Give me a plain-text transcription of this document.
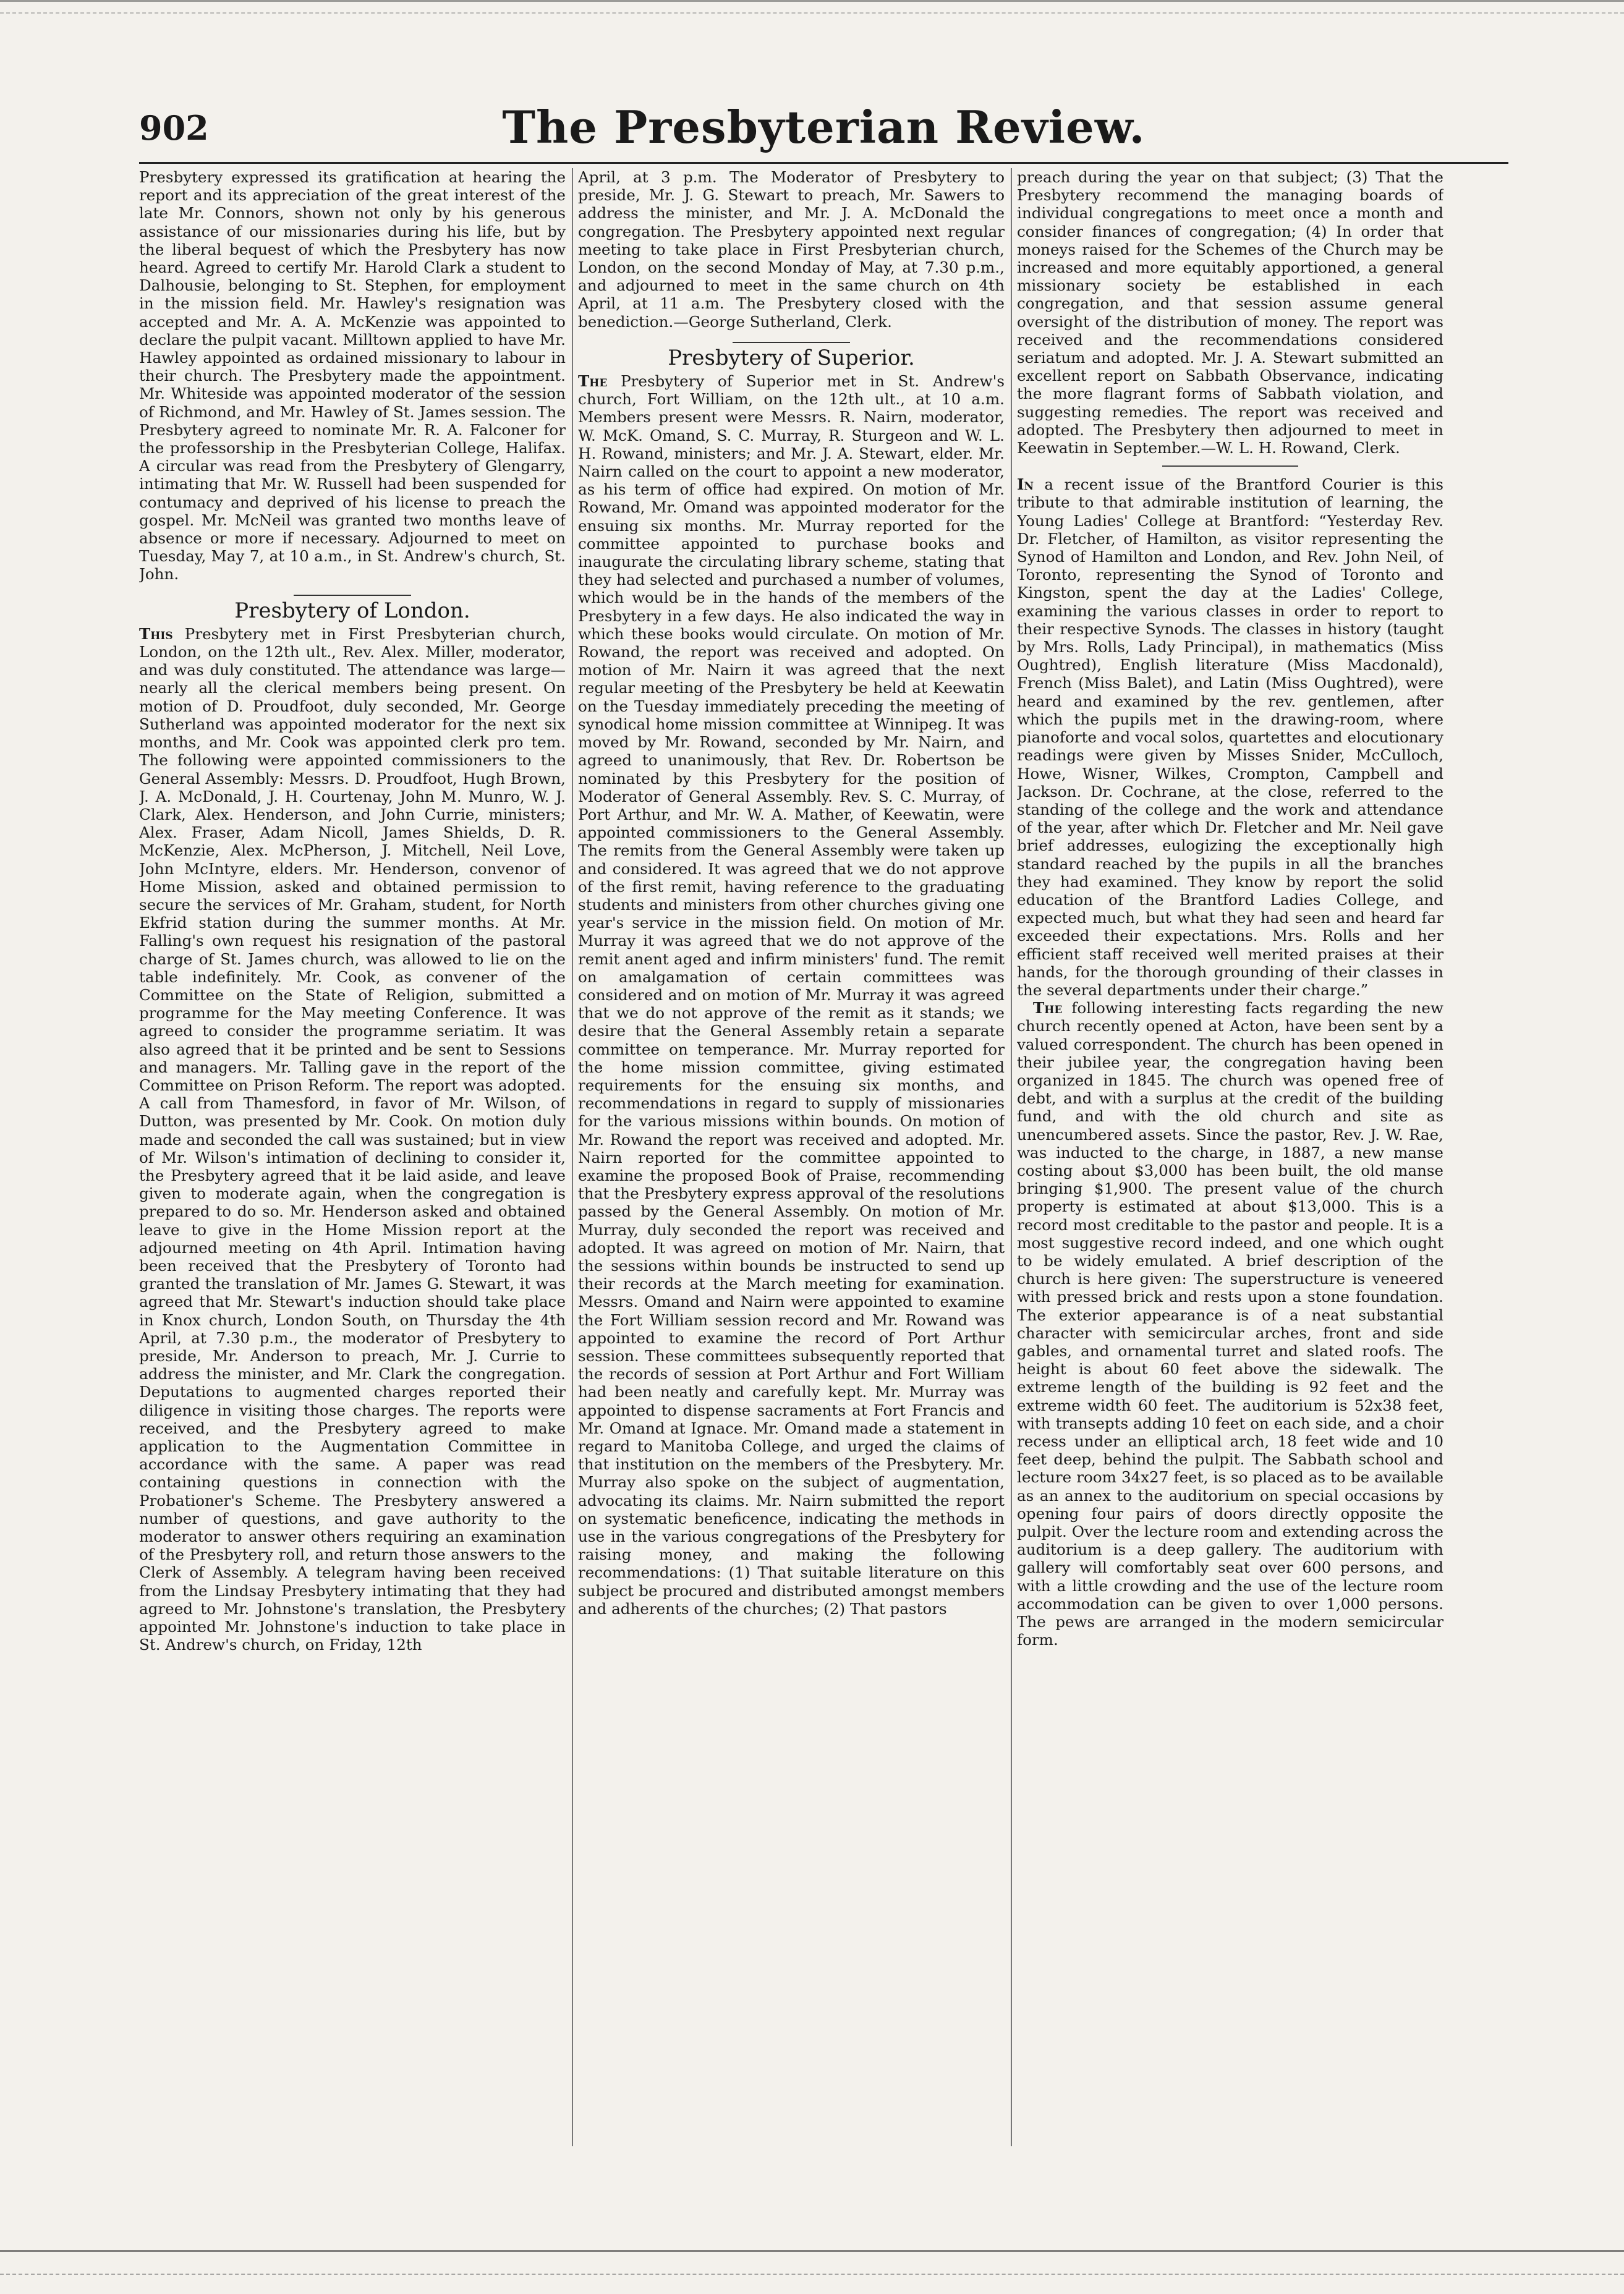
902	The Presbyterian Review.

Presbytery expressed its gratification at hearing the report and its appreciation of the great interest of the late Mr. Connors, shown not only by his generous assistance of our missionaries during his life, but by the liberal bequest of which the Presbytery has now heard. Agreed to certify Mr. Harold Clark a student to Dalhousie, belonging to St. Stephen, for employment in the mission field. Mr. Hawley's resignation was accepted and Mr. A. A. McKenzie was appointed to declare the pulpit vacant. Milltown applied to have Mr. Hawley appointed as ordained missionary to labour in their church. The Presbytery made the appointment. Mr. Whiteside was appointed moderator of the session of Richmond, and Mr. Hawley of St. James session. The Presbytery agreed to nominate Mr. R. A. Falconer for the professorship in the Presbyterian College, Halifax. A circular was read from the Presbytery of Glengarry, intimating that Mr. W. Russell had been suspended for contumacy and deprived of his license to preach the gospel. Mr. McNeil was granted two months leave of absence or more if necessary. Adjourned to meet on Tuesday, May 7, at 10 a.m., in St. Andrew's church, St. John.

Presbytery of London.

This Presbytery met in First Presbyterian church, London, on the 12th ult., Rev. Alex. Miller, moderator, and was duly constituted. The attendance was large—nearly all the clerical members being present. On motion of D. Proudfoot, duly seconded, Mr. George Sutherland was appointed moderator for the next six months, and Mr. Cook was appointed clerk pro tem. The following were appointed commissioners to the General Assembly: Messrs. D. Proudfoot, Hugh Brown, J. A. McDonald, J. H. Courtenay, John M. Munro, W. J. Clark, Alex. Henderson, and John Currie, ministers; Alex. Fraser, Adam Nicoll, James Shields, D. R. McKenzie, Alex. McPherson, J. Mitchell, Neil Love, John McIntyre, elders. Mr. Henderson, convenor of Home Mission, asked and obtained permission to secure the services of Mr. Graham, student, for North Ekfrid station during the summer months. At Mr. Falling's own request his resignation of the pastoral charge of St. James church, was allowed to lie on the table indefinitely. Mr. Cook, as convener of the Committee on the State of Religion, submitted a programme for the May meeting Conference. It was agreed to consider the programme seriatim. It was also agreed that it be printed and be sent to Sessions and managers. Mr. Talling gave in the report of the Committee on Prison Reform. The report was adopted. A call from Thamesford, in favor of Mr. Wilson, of Dutton, was presented by Mr. Cook. On motion duly made and seconded the call was sustained; but in view of Mr. Wilson's intimation of declining to consider it, the Presbytery agreed that it be laid aside, and leave given to moderate again, when the congregation is prepared to do so. Mr. Henderson asked and obtained leave to give in the Home Mission report at the adjourned meeting on 4th April. Intimation having been received that the Presbytery of Toronto had granted the translation of Mr. James G. Stewart, it was agreed that Mr. Stewart's induction should take place in Knox church, London South, on Thursday the 4th April, at 7.30 p.m., the moderator of Presbytery to preside, Mr. Anderson to preach, Mr. J. Currie to address the minister, and Mr. Clark the congregation. Deputations to augmented charges reported their diligence in visiting those charges. The reports were received, and the Presbytery agreed to make application to the Augmentation Committee in accordance with the same. A paper was read containing questions in connection with the Probationer's Scheme. The Presbytery answered a number of questions, and gave authority to the moderator to answer others requiring an examination of the Presbytery roll, and return those answers to the Clerk of Assembly. A telegram having been received from the Lindsay Presbytery intimating that they had agreed to Mr. Johnstone's translation, the Presbytery appointed Mr. Johnstone's induction to take place in St. Andrew's church, on Friday, 12th

April, at 3 p.m. The Moderator of Presbytery to preside, Mr. J. G. Stewart to preach, Mr. Sawers to address the minister, and Mr. J. A. McDonald the congregation. The Presbytery appointed next regular meeting to take place in First Presbyterian church, London, on the second Monday of May, at 7.30 p.m., and adjourned to meet in the same church on 4th April, at 11 a.m. The Presbytery closed with the benediction.—George Sutherland, Clerk.

Presbytery of Superior.

The Presbytery of Superior met in St. Andrew's church, Fort William, on the 12th ult., at 10 a.m. Members present were Messrs. R. Nairn, moderator, W. McK. Omand, S. C. Murray, R. Sturgeon and W. L. H. Rowand, ministers; and Mr. J. A. Stewart, elder. Mr. Nairn called on the court to appoint a new moderator, as his term of office had expired. On motion of Mr. Rowand, Mr. Omand was appointed moderator for the ensuing six months. Mr. Murray reported for the committee appointed to purchase books and inaugurate the circulating library scheme, stating that they had selected and purchased a number of volumes, which would be in the hands of the members of the Presbytery in a few days. He also indicated the way in which these books would circulate. On motion of Mr. Rowand, the report was received and adopted. On motion of Mr. Nairn it was agreed that the next regular meeting of the Presbytery be held at Keewatin on the Tuesday immediately preceding the meeting of synodical home mission committee at Winnipeg. It was moved by Mr. Rowand, seconded by Mr. Nairn, and agreed to unanimously, that Rev. Dr. Robertson be nominated by this Presbytery for the position of Moderator of General Assembly. Rev. S. C. Murray, of Port Arthur, and Mr. W. A. Mather, of Keewatin, were appointed commissioners to the General Assembly. The remits from the General Assembly were taken up and considered. It was agreed that we do not approve of the first remit, having reference to the graduating students and ministers from other churches giving one year's service in the mission field. On motion of Mr. Murray it was agreed that we do not approve of the remit anent aged and infirm ministers' fund. The remit on amalgamation of certain committees was considered and on motion of Mr. Murray it was agreed that we do not approve of the remit as it stands; we desire that the General Assembly retain a separate committee on temperance. Mr. Murray reported for the home mission committee, giving estimated requirements for the ensuing six months, and recommendations in regard to supply of missionaries for the various missions within bounds. On motion of Mr. Rowand the report was received and adopted. Mr. Nairn reported for the committee appointed to examine the proposed Book of Praise, recommending that the Presbytery express approval of the resolutions passed by the General Assembly. On motion of Mr. Murray, duly seconded the report was received and adopted. It was agreed on motion of Mr. Nairn, that the sessions within bounds be instructed to send up their records at the March meeting for examination. Messrs. Omand and Nairn were appointed to examine the Fort William session record and Mr. Rowand was appointed to examine the record of Port Arthur session. These committees subsequently reported that the records of session at Port Arthur and Fort William had been neatly and carefully kept. Mr. Murray was appointed to dispense sacraments at Fort Francis and Mr. Omand at Ignace. Mr. Omand made a statement in regard to Manitoba College, and urged the claims of that institution on the members of the Presbytery. Mr. Murray also spoke on the subject of augmentation, advocating its claims. Mr. Nairn submitted the report on systematic beneficence, indicating the methods in use in the various congregations of the Presbytery for raising money, and making the following recommendations: (1) That suitable literature on this subject be procured and distributed amongst members and adherents of the churches; (2) That pastors

preach during the year on that subject; (3) That the Presbytery recommend the managing boards of individual congregations to meet once a month and consider finances of congregation; (4) In order that moneys raised for the Schemes of the Church may be increased and more equitably apportioned, a general missionary society be established in each congregation, and that session assume general oversight of the distribution of money. The report was received and the recommendations considered seriatum and adopted. Mr. J. A. Stewart submitted an excellent report on Sabbath Observance, indicating the more flagrant forms of Sabbath violation, and suggesting remedies. The report was received and adopted. The Presbytery then adjourned to meet in Keewatin in September.—W. L. H. Rowand, Clerk.

In a recent issue of the Brantford Courier is this tribute to that admirable institution of learning, the Young Ladies' College at Brantford: “Yesterday Rev. Dr. Fletcher, of Hamilton, as visitor representing the Synod of Hamilton and London, and Rev. John Neil, of Toronto, representing the Synod of Toronto and Kingston, spent the day at the Ladies' College, examining the various classes in order to report to their respective Synods. The classes in history (taught by Mrs. Rolls, Lady Principal), in mathematics (Miss Oughtred), English literature (Miss Macdonald), French (Miss Balet), and Latin (Miss Oughtred), were heard and examined by the rev. gentlemen, after which the pupils met in the drawing-room, where pianoforte and vocal solos, quartettes and elocutionary readings were given by Misses Snider, McCulloch, Howe, Wisner, Wilkes, Crompton, Campbell and Jackson. Dr. Cochrane, at the close, referred to the standing of the college and the work and attendance of the year, after which Dr. Fletcher and Mr. Neil gave brief addresses, eulogizing the exceptionally high standard reached by the pupils in all the branches they had examined. They know by report the solid education of the Brantford Ladies College, and expected much, but what they had seen and heard far exceeded their expectations. Mrs. Rolls and her efficient staff received well merited praises at their hands, for the thorough grounding of their classes in the several departments under their charge.”

The following interesting facts regarding the new church recently opened at Acton, have been sent by a valued correspondent. The church has been opened in their jubilee year, the congregation having been organized in 1845. The church was opened free of debt, and with a surplus at the credit of the building fund, and with the old church and site as unencumbered assets. Since the pastor, Rev. J. W. Rae, was inducted to the charge, in 1887, a new manse costing about $3,000 has been built, the old manse bringing $1,900. The present value of the church property is estimated at about $13,000. This is a record most creditable to the pastor and people. It is a most suggestive record indeed, and one which ought to be widely emulated. A brief description of the church is here given: The superstructure is veneered with pressed brick and rests upon a stone foundation. The exterior appearance is of a neat substantial character with semicircular arches, front and side gables, and ornamental turret and slated roofs. The height is about 60 feet above the sidewalk. The extreme length of the building is 92 feet and the extreme width 60 feet. The auditorium is 52x38 feet, with transepts adding 10 feet on each side, and a choir recess under an elliptical arch, 18 feet wide and 10 feet deep, behind the pulpit. The Sabbath school and lecture room 34x27 feet, is so placed as to be available as an annex to the auditorium on special occasions by opening four pairs of doors directly opposite the pulpit. Over the lecture room and extending across the auditorium is a deep gallery. The auditorium with gallery will comfortably seat over 600 persons, and with a little crowding and the use of the lecture room accommodation can be given to over 1,000 persons. The pews are arranged in the modern semicircular form.
